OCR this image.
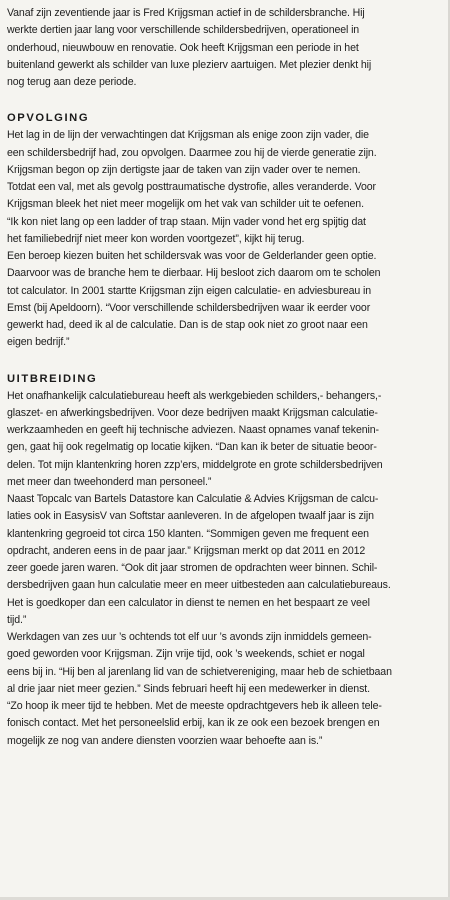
Vanaf zijn zeventiende jaar is Fred Krijgsman actief in de schildersbranche. Hij

werkte dertien jaar lang voor verschillende schildersbedrijven, operationeel in

onderhoud, nieuwbouw en renovatie. Ook heeft Krijgsman een periode in het

buitenland gewerkt als schilder van luxe plezierv aartuigen. Met plezier denkt hij

nog terug aan deze periode.

OPVOLGING

Het lag in de lijn der verwachtingen dat Krijgsman als enige zoon zijn vader, die

een schildersbedrijf had, zou opvolgen. Daarmee zou hij de vierde generatie zijn.

Krijgsman begon op zijn dertigste jaar de taken van zijn vader over te nemen.

Totdat een val, met als gevolg posttraumatische dystrofie, alles veranderde. Voor

Krijgsman bleek het niet meer mogelijk om het vak van schilder uit te oefenen.

“Ik kon niet lang op een ladder of trap staan. Mijn vader vond het erg spijtig dat

het familiebedrijf niet meer kon worden voortgezet”, kijkt hij terug.

Een beroep kiezen buiten het schildersvak was voor de Gelderlander geen optie.

Daarvoor was de branche hem te dierbaar. Hij besloot zich daarom om te scholen

tot calculator. In 2001 startte Krijgsman zijn eigen calculatie- en adviesbureau in

Emst (bij Apeldoorn). “Voor verschillende schildersbedrijven waar ik eerder voor

gewerkt had, deed ik al de calculatie. Dan is de stap ook niet zo groot naar een

eigen bedrijf.”

UITBREIDING

Het onafhankelijk calculatiebureau heeft als werkgebieden schilders,- behangers,-

glaszet- en afwerkingsbedrijven. Voor deze bedrijven maakt Krijgsman calculatie-

werkzaamheden en geeft hij technische adviezen. Naast opnames vanaf tekenin-

gen, gaat hij ook regelmatig op locatie kijken. “Dan kan ik beter de situatie beoor-

delen. Tot mijn klantenkring horen zzp’ers, middelgrote en grote schildersbedrijven

met meer dan tweehonderd man personeel.”

Naast Topcalc van Bartels Datastore kan Calculatie & Advies Krijgsman de calcu-

laties ook in EasysisV van Softstar aanleveren. In de afgelopen twaalf jaar is zijn

klantenkring gegroeid tot circa 150 klanten. “Sommigen geven me frequent een

opdracht, anderen eens in de paar jaar.” Krijgsman merkt op dat 2011 en 2012

zeer goede jaren waren. “Ook dit jaar stromen de opdrachten weer binnen. Schil-

dersbedrijven gaan hun calculatie meer en meer uitbesteden aan calculatiebureaus.

Het is goedkoper dan een calculator in dienst te nemen en het bespaart ze veel

tijd.”

Werkdagen van zes uur ’s ochtends tot elf uur ’s avonds zijn inmiddels gemeen-

goed geworden voor Krijgsman. Zijn vrije tijd, ook ’s weekends, schiet er nogal

eens bij in. “Hij ben al jarenlang lid van de schietvereniging, maar heb de schietbaan

al drie jaar niet meer gezien.” Sinds februari heeft hij een medewerker in dienst.

“Zo hoop ik meer tijd te hebben. Met de meeste opdrachtgevers heb ik alleen tele-

fonisch contact. Met het personeelslid erbij, kan ik ze ook een bezoek brengen en

mogelijk ze nog van andere diensten voorzien waar behoefte aan is.”
